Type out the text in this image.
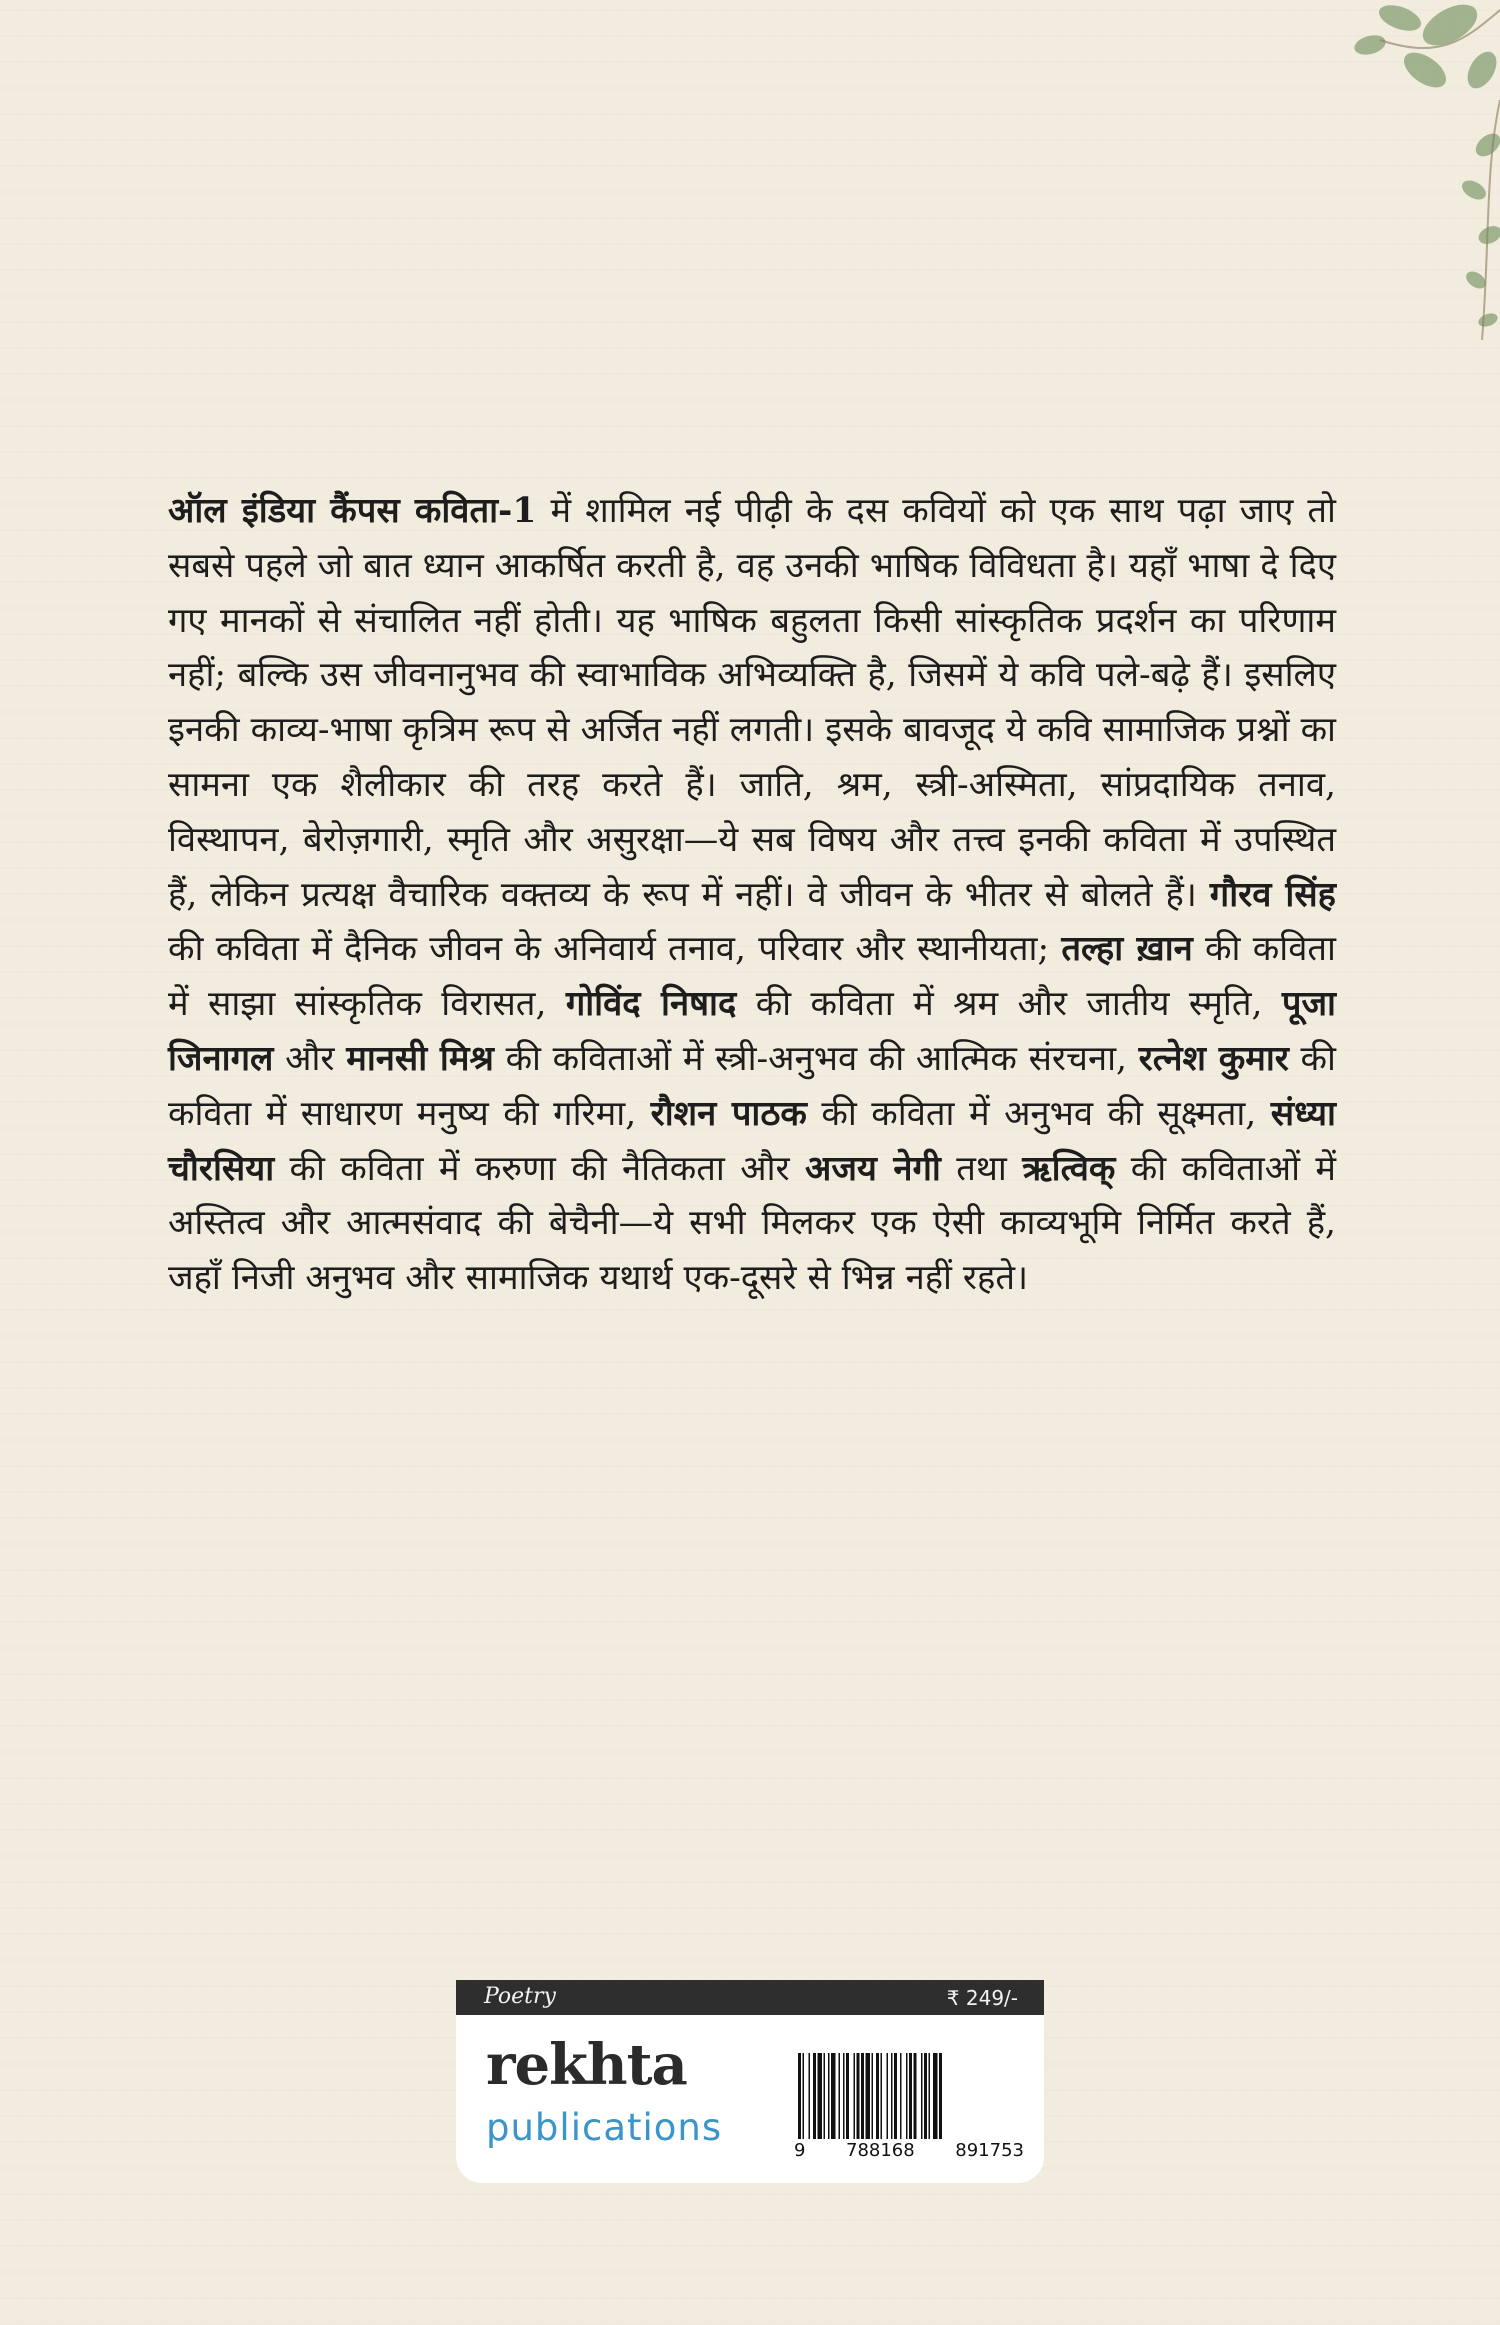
ऑल इंडिया कैंपस कविता-1 में शामिल नई पीढ़ी के दस कवियों को एक साथ पढ़ा जाए तो सबसे पहले जो बात ध्यान आकर्षित करती है, वह उनकी भाषिक विविधता है। यहाँ भाषा दे दिए गए मानकों से संचालित नहीं होती। यह भाषिक बहुलता किसी सांस्कृतिक प्रदर्शन का परिणाम नहीं; बल्कि उस जीवनानुभव की स्वाभाविक अभिव्यक्ति है, जिसमें ये कवि पले-बढ़े हैं। इसलिए इनकी काव्य-भाषा कृत्रिम रूप से अर्जित नहीं लगती। इसके बावजूद ये कवि सामाजिक प्रश्नों का सामना एक शैलीकार की तरह करते हैं। जाति, श्रम, स्त्री-अस्मिता, सांप्रदायिक तनाव, विस्थापन, बेरोज़गारी, स्मृति और असुरक्षा—ये सब विषय और तत्त्व इनकी कविता में उपस्थित हैं, लेकिन प्रत्यक्ष वैचारिक वक्तव्य के रूप में नहीं। वे जीवन के भीतर से बोलते हैं। गौरव सिंह की कविता में दैनिक जीवन के अनिवार्य तनाव, परिवार और स्थानीयता; तल्हा ख़ान की कविता में साझा सांस्कृतिक विरासत, गोविंद निषाद की कविता में श्रम और जातीय स्मृति, पूजा जिनागल और मानसी मिश्र की कविताओं में स्त्री-अनुभव की आत्मिक संरचना, रत्नेश कुमार की कविता में साधारण मनुष्य की गरिमा, रौशन पाठक की कविता में अनुभव की सूक्ष्मता, संध्या चौरसिया की कविता में करुणा की नैतिकता और अजय नेगी तथा ऋत्विक् की कविताओं में अस्तित्व और आत्मसंवाद की बेचैनी—ये सभी मिलकर एक ऐसी काव्यभूमि निर्मित करते हैं, जहाँ निजी अनुभव और सामाजिक यथार्थ एक-दूसरे से भिन्न नहीं रहते।

Poetry	₹ 249/-
rekhta
publications
9 788168 891753
